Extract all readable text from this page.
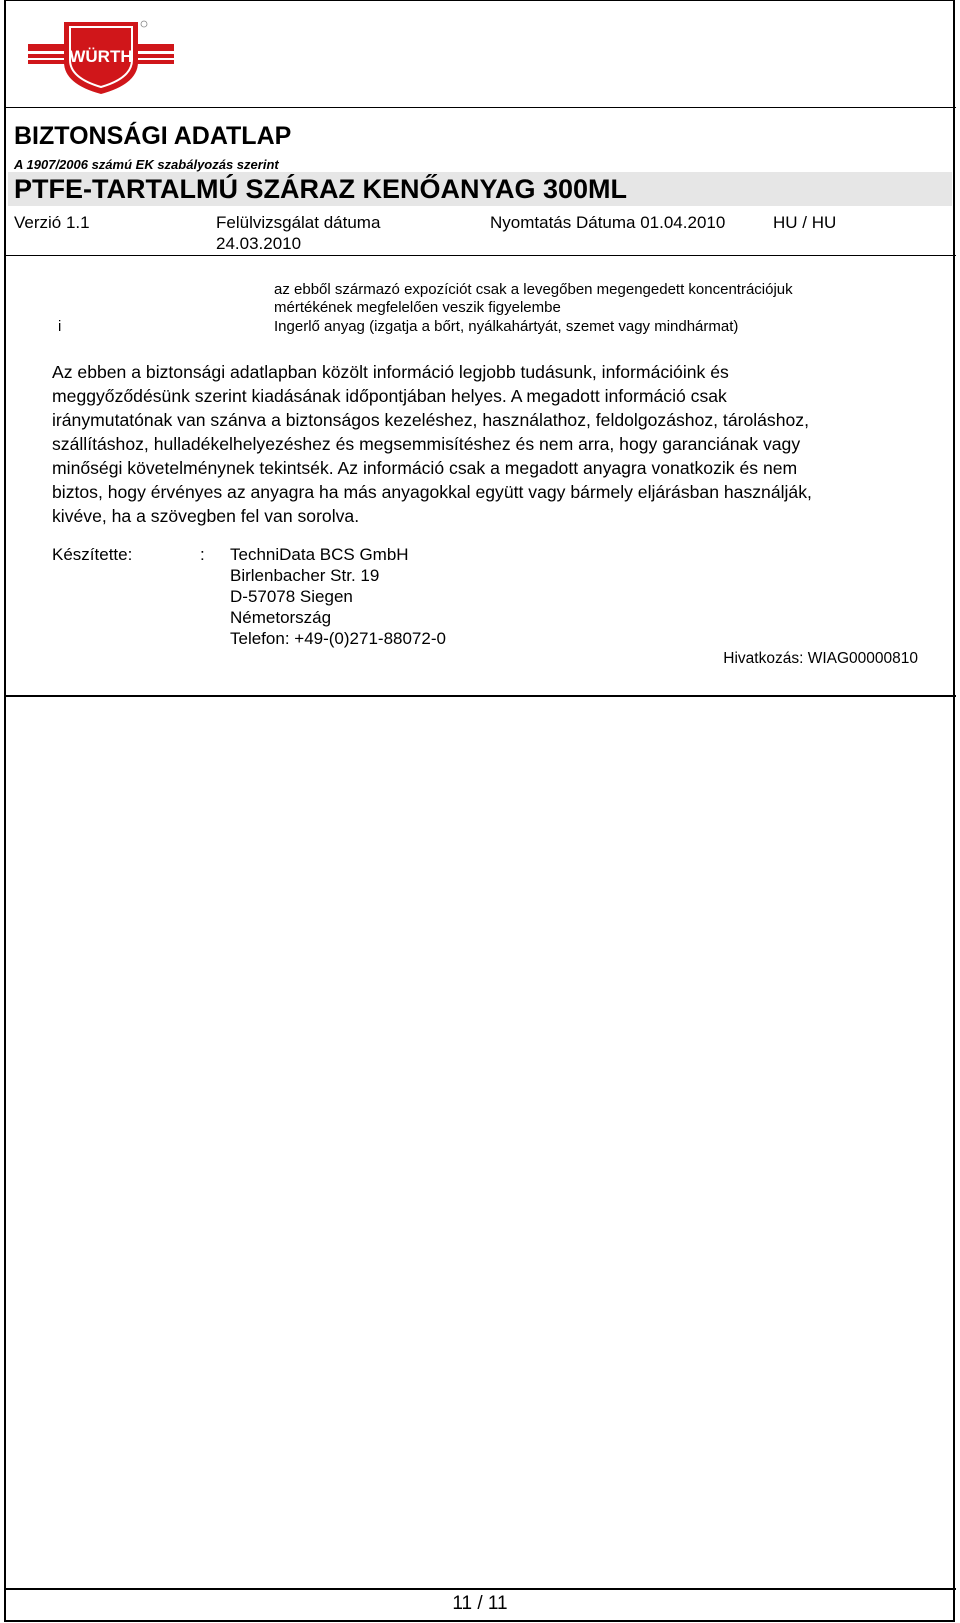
WÜRTH
BIZTONSÁGI ADATLAP
A 1907/2006 számú EK szabályozás szerint
PTFE-TARTALMÚ SZÁRAZ KENŐANYAG 300ML
Verzió 1.1	Felülvizsgálat dátuma
24.03.2010
Nyomtatás Dátuma 01.04.2010	HU / HU
az ebből származó expozíciót csak a levegőben megengedett koncentrációjuk
mértékének megfelelően veszik figyelembe
i	Ingerlő anyag (izgatja a bőrt, nyálkahártyát, szemet vagy mindhármat)
Az ebben a biztonsági adatlapban közölt információ legjobb tudásunk, információink és
meggyőződésünk szerint kiadásának időpontjában helyes. A megadott információ csak
iránymutatónak van szánva a biztonságos kezeléshez, használathoz, feldolgozáshoz, tároláshoz,
szállításhoz, hulladékelhelyezéshez és megsemmisítéshez és nem arra, hogy garanciának vagy
minőségi követelménynek tekintsék. Az információ csak a megadott anyagra vonatkozik és nem
biztos, hogy érvényes az anyagra ha más anyagokkal együtt vagy bármely eljárásban használják,
kivéve, ha a szövegben fel van sorolva.
Készítette:	: TechniData BCS GmbH
Birlenbacher Str. 19
D-57078 Siegen
Németország
Telefon: +49-(0)271-88072-0
Hivatkozás: WIAG00000810
11 / 11
